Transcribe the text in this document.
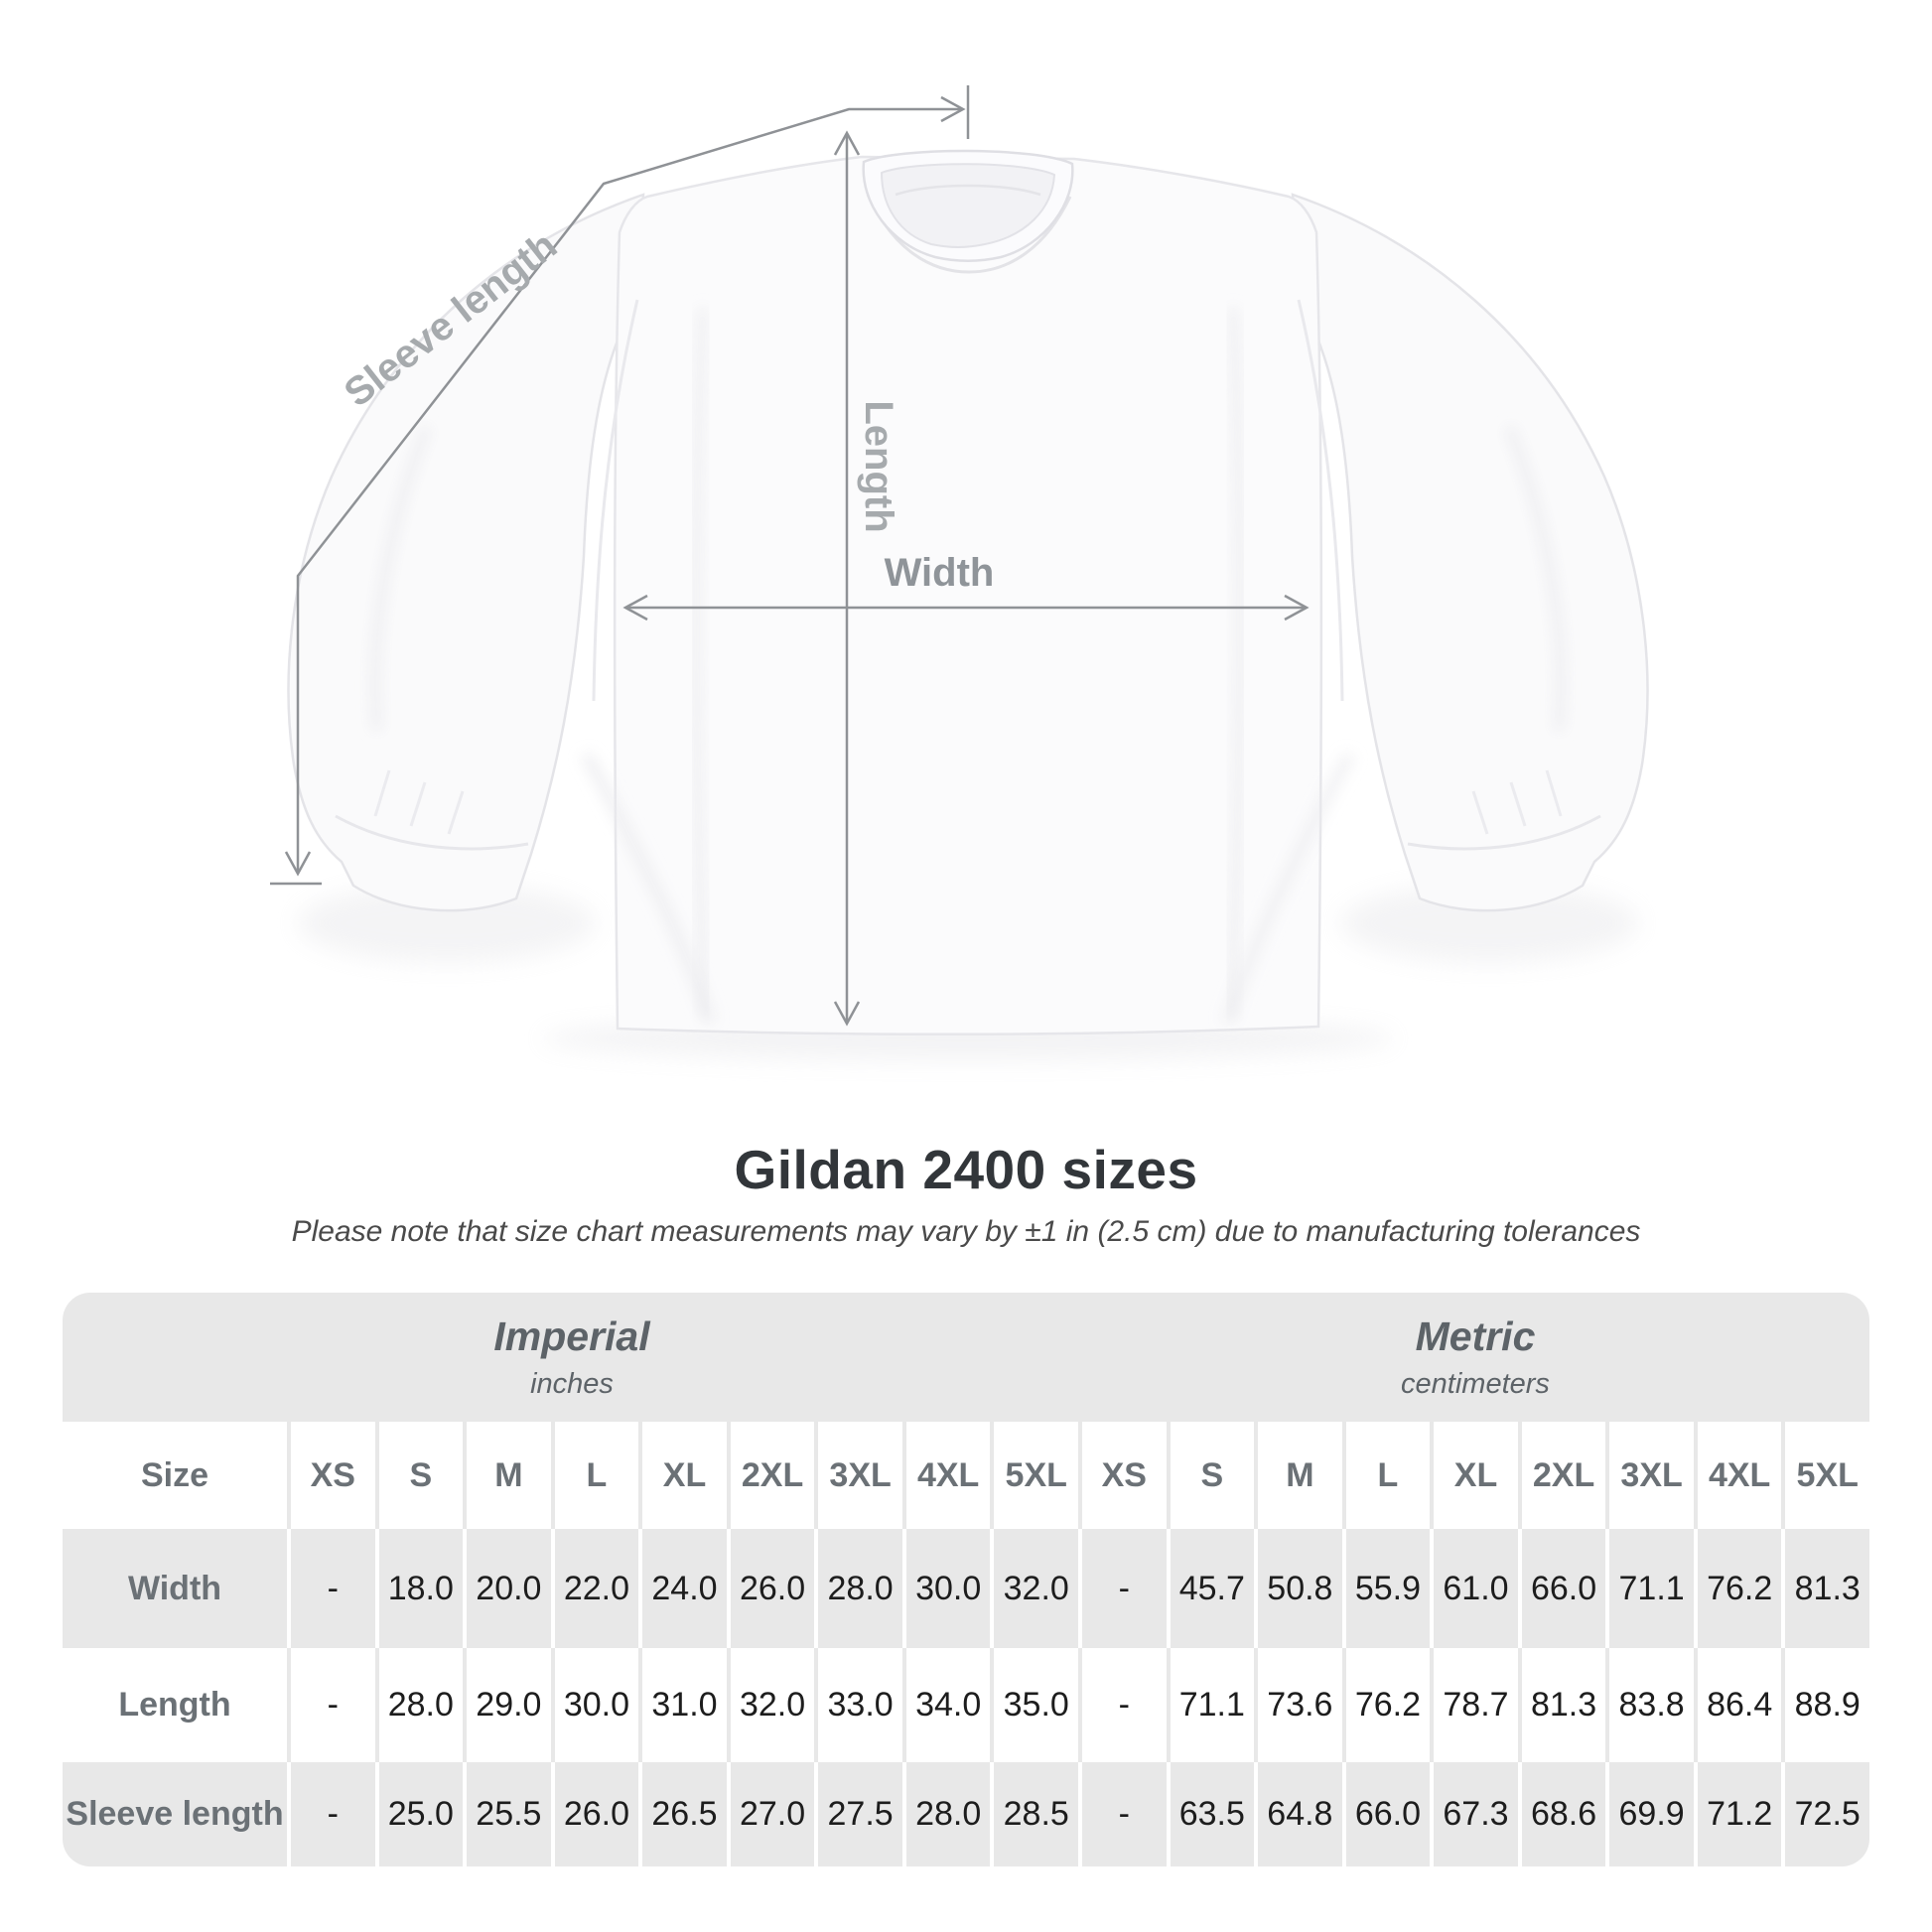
Sleeve length
Length
Width
Gildan 2400 sizes
Please note that size chart measurements may vary by ±1 in (2.5 cm) due to manufacturing tolerances
Imperial
inches
Metric
centimeters
Size	XS	S	M	L	XL	2XL 3XL 4XL 5XL	XS	S	M	L	XL	2XL 3XL 4XL 5XL
Width	-	18.0 20.0 22.0 24.0 26.0 28.0 30.0 32.0	-	45.7 50.8 55.9 61.0 66.0 71.1 76.2 81.3
Length	-	28.0 29.0 30.0 31.0 32.0 33.0 34.0 35.0	-	71.1 73.6 76.2 78.7 81.3 83.8 86.4 88.9
Sleeve length	-	25.0 25.5 26.0 26.5 27.0 27.5 28.0 28.5	-	63.5 64.8 66.0 67.3 68.6 69.9 71.2 72.5
